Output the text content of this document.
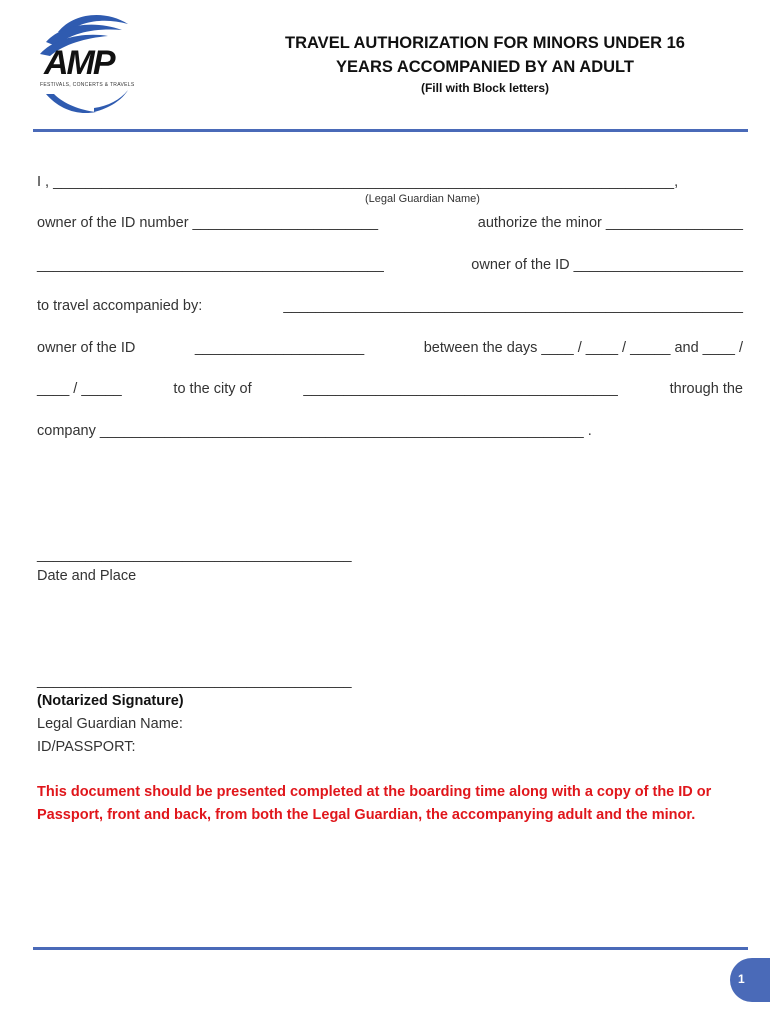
AMP
FESTIVALS, CONCERTS & TRAVELS
TRAVEL AUTHORIZATION FOR MINORS UNDER 16
YEARS ACCOMPANIED BY AN ADULT
(Fill with Block letters)
I , _____________________________________________________________________________,
(Legal Guardian Name)
owner of the ID number _______________________	authorize the minor _________________
___________________________________________	owner of the ID _____________________
to travel accompanied by:	_________________________________________________________
owner of the ID	_____________________	between the days ____ / ____ / _____ and ____ /
____ / _____	to the city of	_______________________________________	through the
company ____________________________________________________________ .
_______________________________________
Date and Place
_______________________________________
(Notarized Signature)
Legal Guardian Name:
ID/PASSPORT:
This document should be presented completed at the boarding time along with a copy of the ID or Passport, front and back, from both the Legal Guardian, the accompanying adult and the minor.
1
